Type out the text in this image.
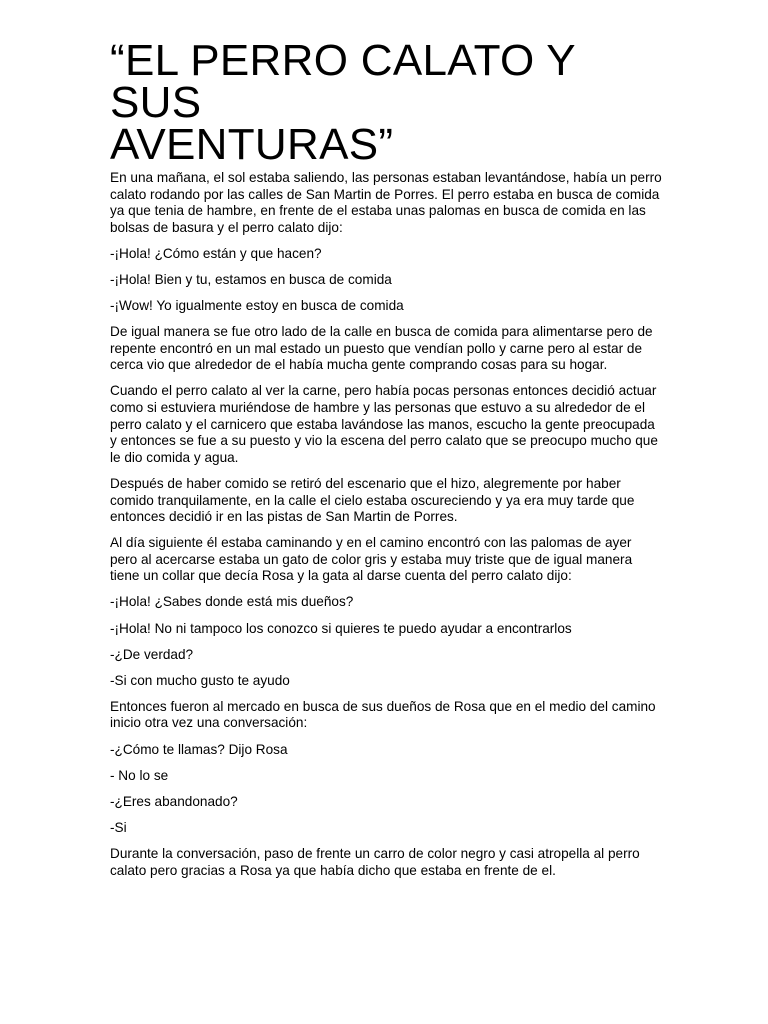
“EL PERRO CALATO Y
SUS
AVENTURAS”

En una mañana, el sol estaba saliendo, las personas estaban levantándose, había un perro calato rodando por las calles de San Martin de Porres. El perro estaba en busca de comida ya que tenia de hambre, en frente de el estaba unas palomas en busca de comida en las bolsas de basura y el perro calato dijo:

-¡Hola! ¿Cómo están y que hacen?

-¡Hola! Bien y tu, estamos en busca de comida

-¡Wow! Yo igualmente estoy en busca de comida

De igual manera se fue otro lado de la calle en busca de comida para alimentarse pero de repente encontró en un mal estado un puesto que vendían pollo y carne pero al estar de cerca vio que alrededor de el había mucha gente comprando cosas para su hogar.

Cuando el perro calato al ver la carne, pero había pocas personas entonces decidió actuar como si estuviera muriéndose de hambre y las personas que estuvo a su alrededor de el perro calato y el carnicero que estaba lavándose las manos, escucho la gente preocupada y entonces se fue a su puesto y vio la escena del perro calato que se preocupo mucho que le dio comida y agua.

Después de haber comido se retiró del escenario que el hizo, alegremente por haber comido tranquilamente, en la calle el cielo estaba oscureciendo y ya era muy tarde que entonces decidió ir en las pistas de San Martin de Porres.

Al día siguiente él estaba caminando y en el camino encontró con las palomas de ayer pero al acercarse estaba un gato de color gris y estaba muy triste que de igual manera tiene un collar que decía Rosa y la gata al darse cuenta del perro calato dijo:

-¡Hola! ¿Sabes donde está mis dueños?

-¡Hola! No ni tampoco los conozco si quieres te puedo ayudar a encontrarlos

-¿De verdad?

-Si con mucho gusto te ayudo

Entonces fueron al mercado en busca de sus dueños de Rosa que en el medio del camino inicio otra vez una conversación:

-¿Cómo te llamas? Dijo Rosa

- No lo se

-¿Eres abandonado?

-Si

Durante la conversación, paso de frente un carro de color negro y casi atropella al perro calato pero gracias a Rosa ya que había dicho que estaba en frente de el.
